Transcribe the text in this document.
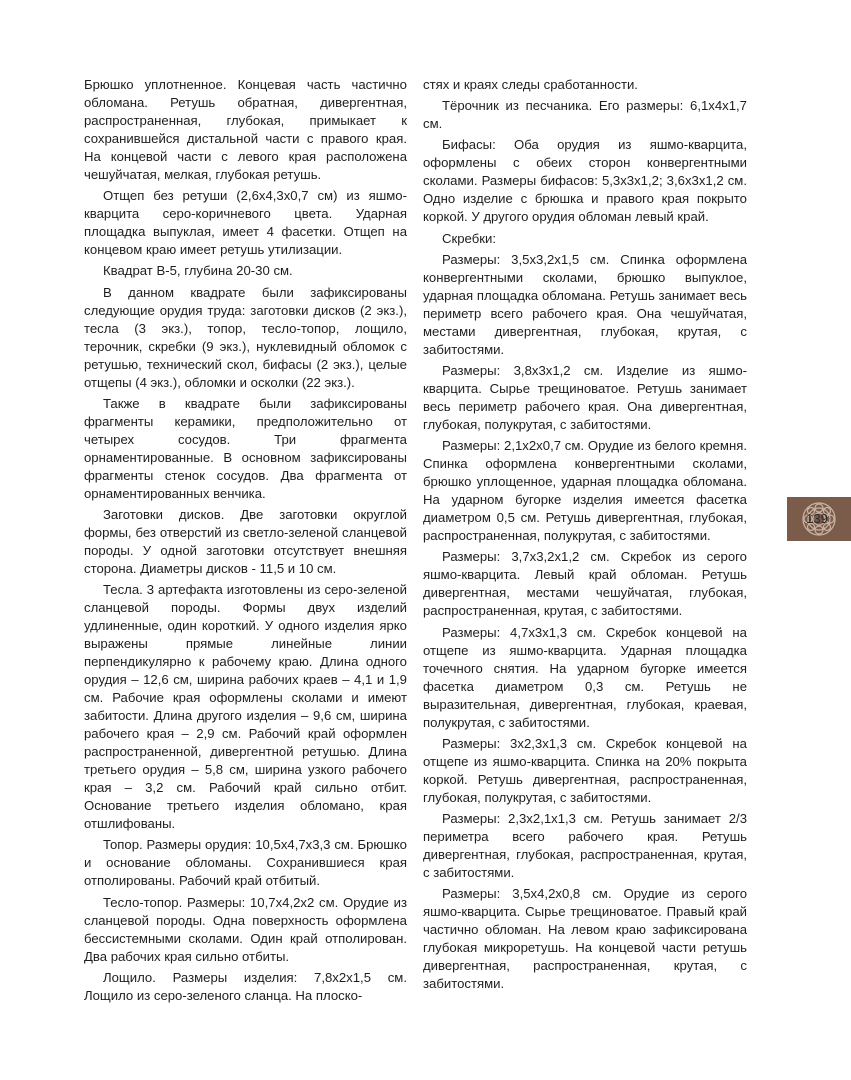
Брюшко уплотненное. Концевая часть частично обломана. Ретушь обратная, дивергентная, распространенная, глубокая, примыкает к сохранившейся дистальной части с правого края. На концевой части с левого края расположена чешуйчатая, мелкая, глубокая ретушь.

Отщеп без ретуши (2,6х4,3х0,7 см) из яшмо-кварцита серо-коричневого цвета. Ударная площадка выпуклая, имеет 4 фасетки. Отщеп на концевом краю имеет ретушь утилизации.

Квадрат В-5, глубина 20-30 см.

В данном квадрате были зафиксированы следующие орудия труда: заготовки дисков (2 экз.), тесла (3 экз.), топор, тесло-топор, лощило, терочник, скребки (9 экз.), нуклевидный обломок с ретушью, технический скол, бифасы (2 экз.), целые отщепы (4 экз.), обломки и осколки (22 экз.).

Также в квадрате были зафиксированы фрагменты керамики, предположительно от четырех сосудов. Три фрагмента орнаментированные. В основном зафиксированы фрагменты стенок сосудов. Два фрагмента от орнаментированных венчика.

Заготовки дисков. Две заготовки округлой формы, без отверстий из светло-зеленой сланцевой породы. У одной заготовки отсутствует внешняя сторона. Диаметры дисков - 11,5 и 10 см.

Тесла. 3 артефакта изготовлены из серо-зеленой сланцевой породы. Формы двух изделий удлиненные, один короткий. У одного изделия ярко выражены прямые линейные линии перпендикулярно к рабочему краю. Длина одного орудия – 12,6 см, ширина рабочих краев – 4,1 и 1,9 см. Рабочие края оформлены сколами и имеют забитости. Длина другого изделия – 9,6 см, ширина рабочего края – 2,9 см. Рабочий край оформлен распространенной, дивергентной ретушью. Длина третьего орудия – 5,8 см, ширина узкого рабочего края – 3,2 см. Рабочий край сильно отбит. Основание третьего изделия обломано, края отшлифованы.

Топор. Размеры орудия: 10,5х4,7х3,3 см. Брюшко и основание обломаны. Сохранившиеся края отполированы. Рабочий край отбитый.

Тесло-топор. Размеры: 10,7х4,2х2 см. Орудие из сланцевой породы. Одна поверхность оформлена бессистемными сколами. Один край отполирован. Два рабочих края сильно отбиты.

Лощило. Размеры изделия: 7,8х2х1,5 см. Лощило из серо-зеленого сланца. На плоско-

стях и краях следы сработанности.

Тёрочник из песчаника. Его размеры: 6,1х4х1,7 см.

Бифасы: Оба орудия из яшмо-кварцита, оформлены с обеих сторон конвергентными сколами. Размеры бифасов: 5,3х3х1,2; 3,6х3х1,2 см. Одно изделие с брюшка и правого края покрыто коркой. У другого орудия обломан левый край.

Скребки:

Размеры: 3,5х3,2х1,5 см. Спинка оформлена конвергентными сколами, брюшко выпуклое, ударная площадка обломана. Ретушь занимает весь периметр всего рабочего края. Она чешуйчатая, местами дивергентная, глубокая, крутая, с забитостями.

Размеры: 3,8х3х1,2 см. Изделие из яшмо-кварцита. Сырье трещиноватое. Ретушь занимает весь периметр рабочего края. Она дивергентная, глубокая, полукрутая, с забитостями.

Размеры: 2,1х2х0,7 см. Орудие из белого кремня. Спинка оформлена конвергентными сколами, брюшко уплощенное, ударная площадка обломана. На ударном бугорке изделия имеется фасетка диаметром 0,5 см. Ретушь дивергентная, глубокая, распространенная, полукрутая, с забитостями.

Размеры: 3,7х3,2х1,2 см. Скребок из серого яшмо-кварцита. Левый край обломан. Ретушь дивергентная, местами чешуйчатая, глубокая, распространенная, крутая, с забитостями.

Размеры: 4,7х3х1,3 см. Скребок концевой на отщепе из яшмо-кварцита. Ударная площадка точечного снятия. На ударном бугорке имеется фасетка диаметром 0,3 см. Ретушь не выразительная, дивергентная, глубокая, краевая, полукрутая, с забитостями.

Размеры: 3х2,3х1,3 см. Скребок концевой на отщепе из яшмо-кварцита. Спинка на 20% покрыта коркой. Ретушь дивергентная, распространенная, глубокая, полукрутая, с забитостями.

Размеры: 2,3х2,1х1,3 см. Ретушь занимает 2/3 периметра всего рабочего края. Ретушь дивергентная, глубокая, распространенная, крутая, с забитостями.

Размеры: 3,5х4,2х0,8 см. Орудие из серого яшмо-кварцита. Сырье трещиноватое. Правый край частично обломан. На левом краю зафиксирована глубокая микроретушь. На концевой части ретушь дивергентная, распространенная, крутая, с забитостями.

139
